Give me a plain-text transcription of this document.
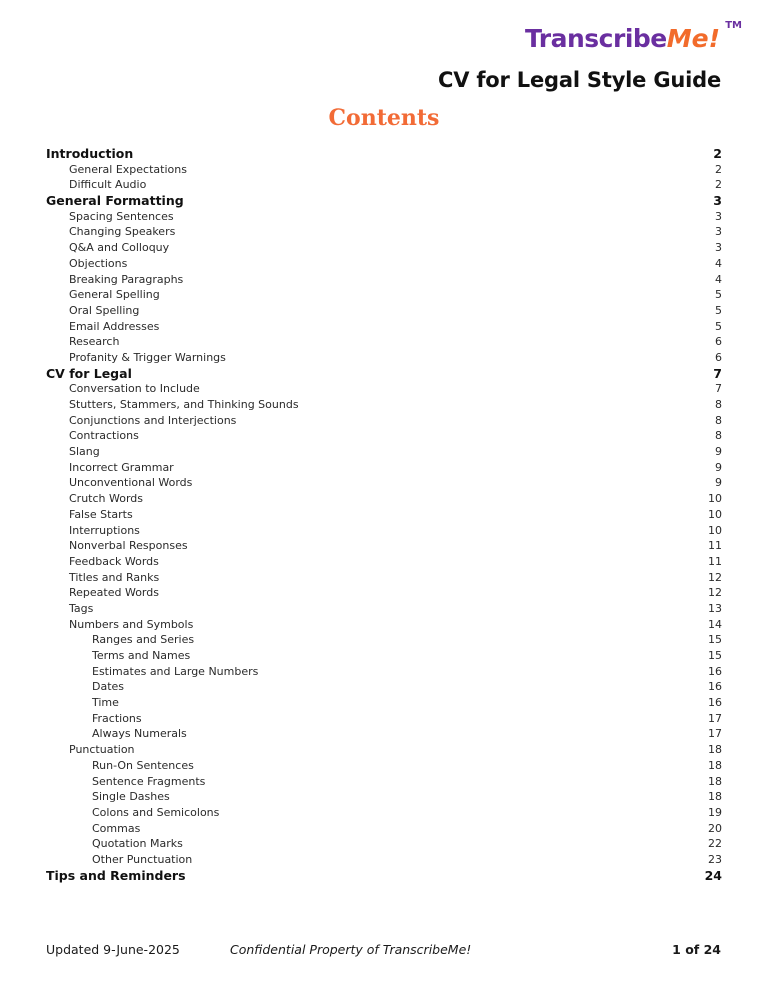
TranscribeMe! TM
CV for Legal Style Guide
Contents
Introduction	2
General Expectations	2
Difficult Audio	2
General Formatting	3
Spacing Sentences	3
Changing Speakers	3
Q&A and Colloquy	3
Objections	4
Breaking Paragraphs	4
General Spelling	5
Oral Spelling	5
Email Addresses	5
Research	6
Profanity & Trigger Warnings	6
CV for Legal	7
Conversation to Include	7
Stutters, Stammers, and Thinking Sounds	8
Conjunctions and Interjections	8
Contractions	8
Slang	9
Incorrect Grammar	9
Unconventional Words	9
Crutch Words	10
False Starts	10
Interruptions	10
Nonverbal Responses	11
Feedback Words	11
Titles and Ranks	12
Repeated Words	12
Tags	13
Numbers and Symbols	14
Ranges and Series	15
Terms and Names	15
Estimates and Large Numbers	16
Dates	16
Time	16
Fractions	17
Always Numerals	17
Punctuation	18
Run-On Sentences	18
Sentence Fragments	18
Single Dashes	18
Colons and Semicolons	19
Commas	20
Quotation Marks	22
Other Punctuation	23
Tips and Reminders	24
Updated 9-June-2025	Confidential Property of TranscribeMe!	1 of 24
